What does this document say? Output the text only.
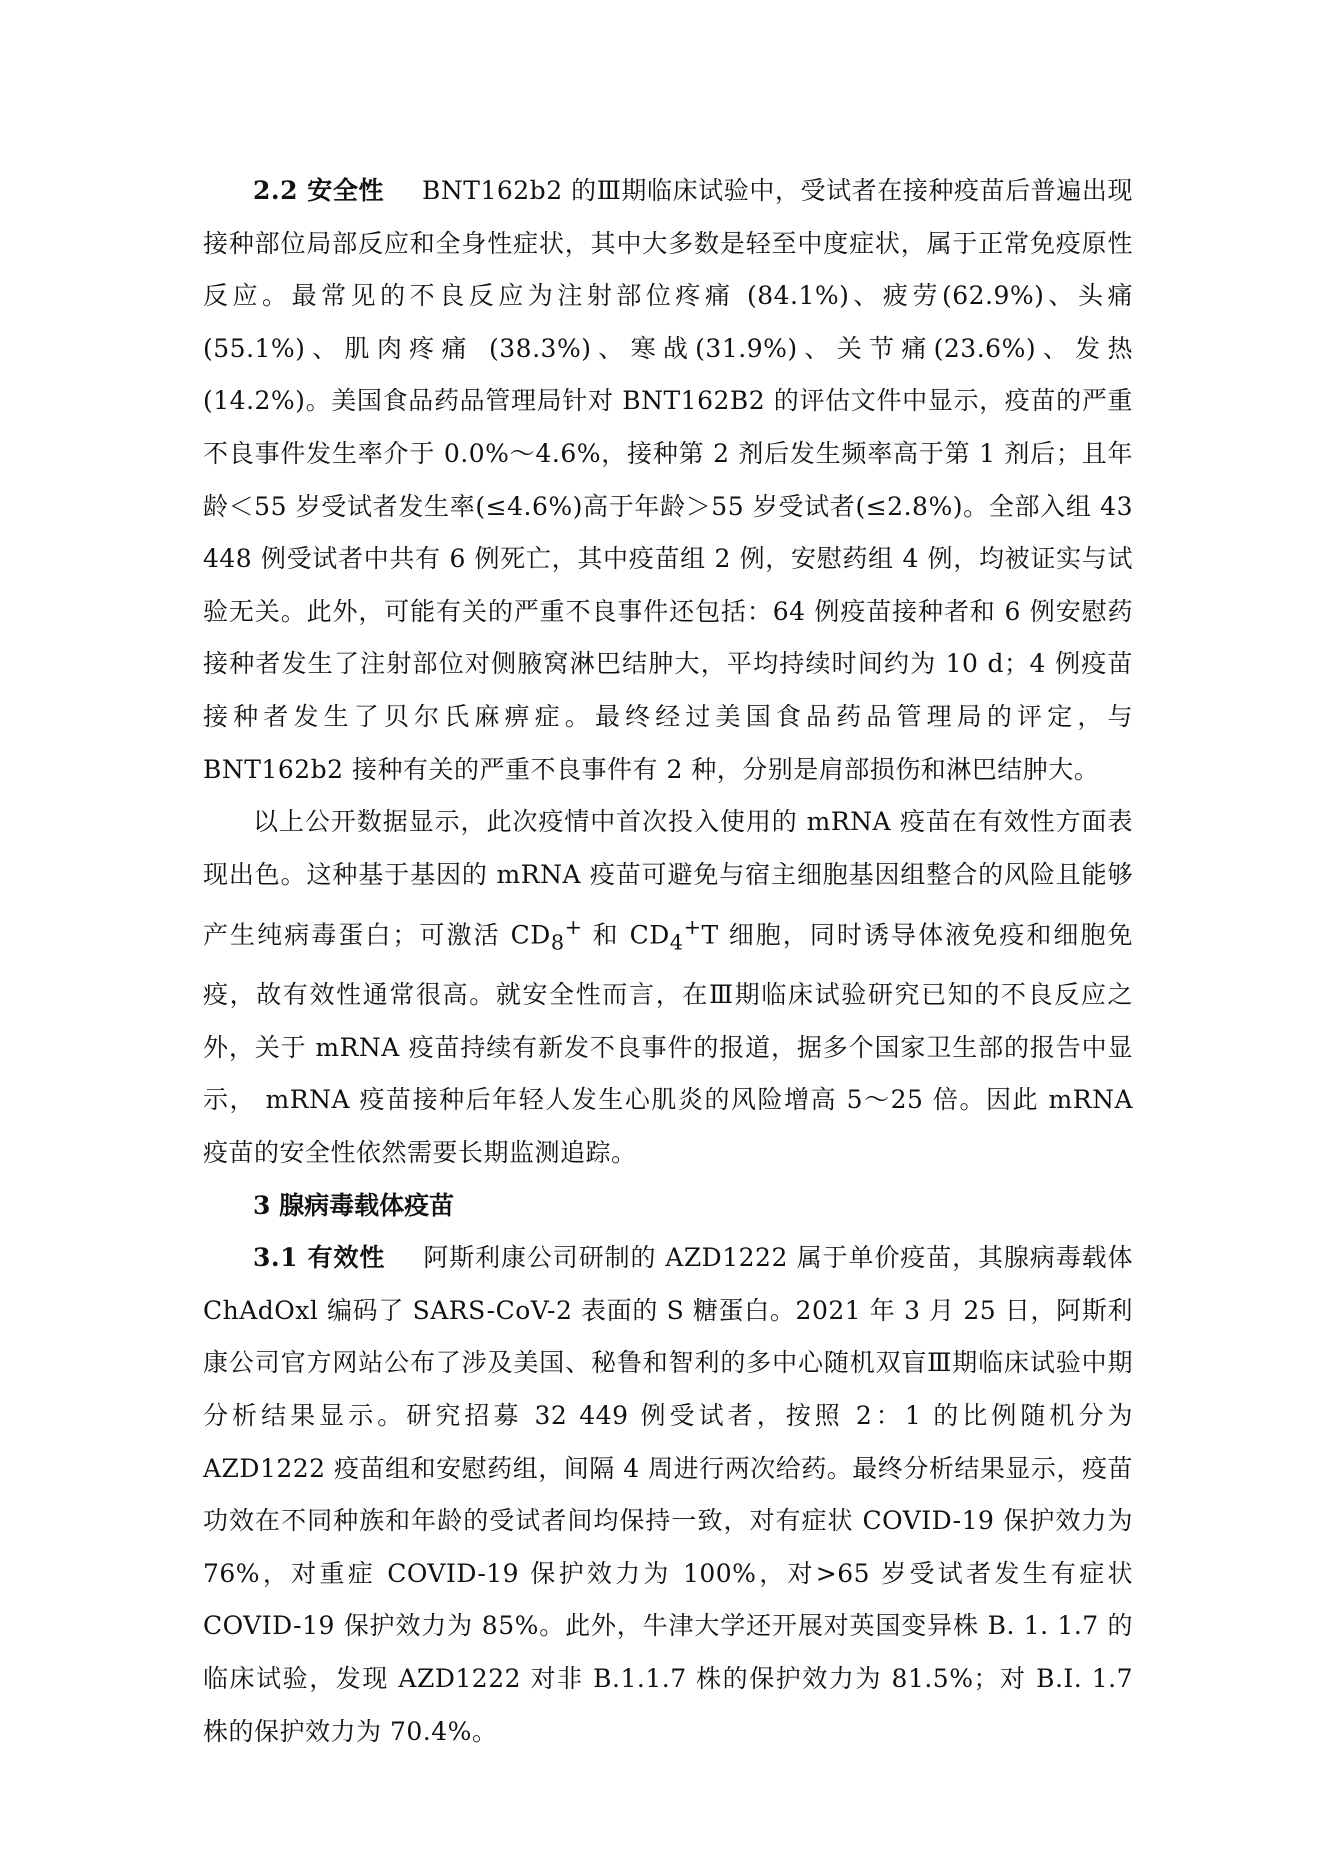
2.2 安全性 BNT162b2 的Ⅲ期临床试验中，受试者在接种疫苗后普遍出现接种部位局部反应和全身性症状，其中大多数是轻至中度症状，属于正常免疫原性反应。最常见的不良反应为注射部位疼痛 (84.1%)、疲劳(62.9%)、头痛(55.1%)、肌肉疼痛 (38.3%)、寒战(31.9%)、关节痛(23.6%)、发热 (14.2%)。美国食品药品管理局针对 BNT162B2 的评估文件中显示，疫苗的严重不良事件发生率介于 0.0%～4.6%，接种第 2 剂后发生频率高于第 1 剂后；且年龄＜55 岁受试者发生率(≤4.6%)高于年龄＞55 岁受试者(≤2.8%)。全部入组 43 448 例受试者中共有 6 例死亡，其中疫苗组 2 例，安慰药组 4 例，均被证实与试验无关。此外，可能有关的严重不良事件还包括：64 例疫苗接种者和 6 例安慰药接种者发生了注射部位对侧腋窝淋巴结肿大，平均持续时间约为 10 d；4 例疫苗接种者发生了贝尔氏麻痹症。最终经过美国食品药品管理局的评定，与 BNT162b2 接种有关的严重不良事件有 2 种，分别是肩部损伤和淋巴结肿大。

以上公开数据显示，此次疫情中首次投入使用的 mRNA 疫苗在有效性方面表现出色。这种基于基因的 mRNA 疫苗可避免与宿主细胞基因组整合的风险且能够产生纯病毒蛋白；可激活 $CD_8^+$ 和 $CD_4^+T$ 细胞，同时诱导体液免疫和细胞免疫，故有效性通常很高。就安全性而言，在Ⅲ期临床试验研究已知的不良反应之外，关于 mRNA 疫苗持续有新发不良事件的报道，据多个国家卫生部的报告中显示， mRNA 疫苗接种后年轻人发生心肌炎的风险增高 5～25 倍。因此 mRNA 疫苗的安全性依然需要长期监测追踪。

3 腺病毒载体疫苗

3.1 有效性 阿斯利康公司研制的 AZD1222 属于单价疫苗，其腺病毒载体 ChAdOxl 编码了 SARS-CoV-2 表面的 S 糖蛋白。2021 年 3 月 25 日，阿斯利康公司官方网站公布了涉及美国、秘鲁和智利的多中心随机双盲Ⅲ期临床试验中期分析结果显示。研究招募 32 449 例受试者，按照 2：1 的比例随机分为 AZD1222 疫苗组和安慰药组，间隔 4 周进行两次给药。最终分析结果显示，疫苗功效在不同种族和年龄的受试者间均保持一致，对有症状 COVID-19 保护效力为 76%，对重症 COVID-19 保护效力为 100%，对>65 岁受试者发生有症状 COVID-19 保护效力为 85%。此外，牛津大学还开展对英国变异株 B. 1. 1.7 的临床试验，发现 AZD1222 对非 B.1.1.7 株的保护效力为 81.5%；对 B.I. 1.7 株的保护效力为 70.4%。
